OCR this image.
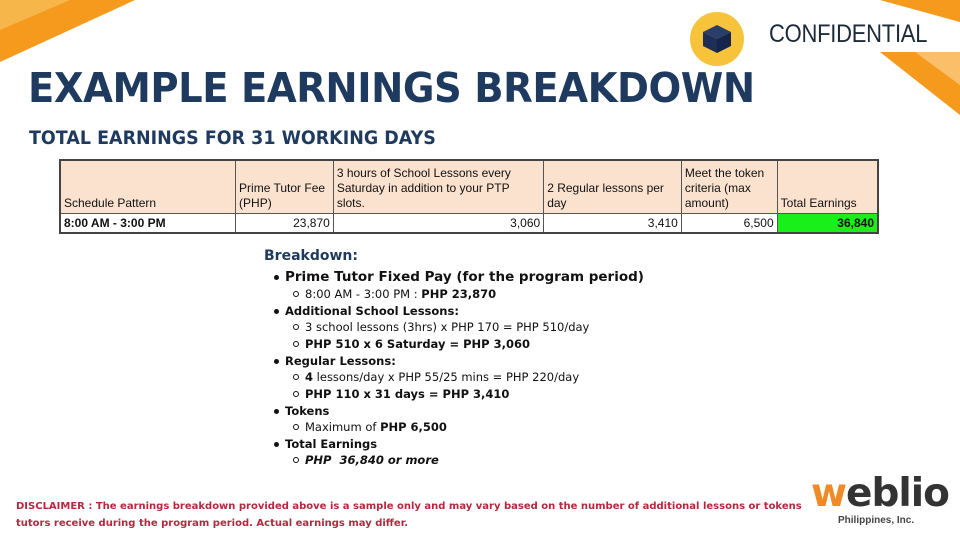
CONFIDENTIAL
EXAMPLE EARNINGS BREAKDOWN
TOTAL EARNINGS FOR 31 WORKING DAYS
Schedule Pattern	Prime Tutor Fee (PHP)	3 hours of School Lessons every Saturday in addition to your PTP slots.	2 Regular lessons per day	Meet the token criteria (max amount)	Total Earnings
8:00 AM - 3:00 PM	23,870	3,060	3,410	6,500	36,840
Breakdown:
Prime Tutor Fixed Pay (for the program period)
8:00 AM - 3:00 PM : PHP 23,870
Additional School Lessons:
3 school lessons (3hrs) x PHP 170 = PHP 510/day
PHP 510 x 6 Saturday = PHP 3,060
Regular Lessons:
4 lessons/day x PHP 55/25 mins = PHP 220/day
PHP 110 x 31 days = PHP 3,410
Tokens
Maximum of PHP 6,500
Total Earnings
PHP  36,840 or more
DISCLAIMER : The earnings breakdown provided above is a sample only and may vary based on the number of additional lessons or tokens tutors receive during the program period. Actual earnings may differ.
weblio
Philippines, Inc.
